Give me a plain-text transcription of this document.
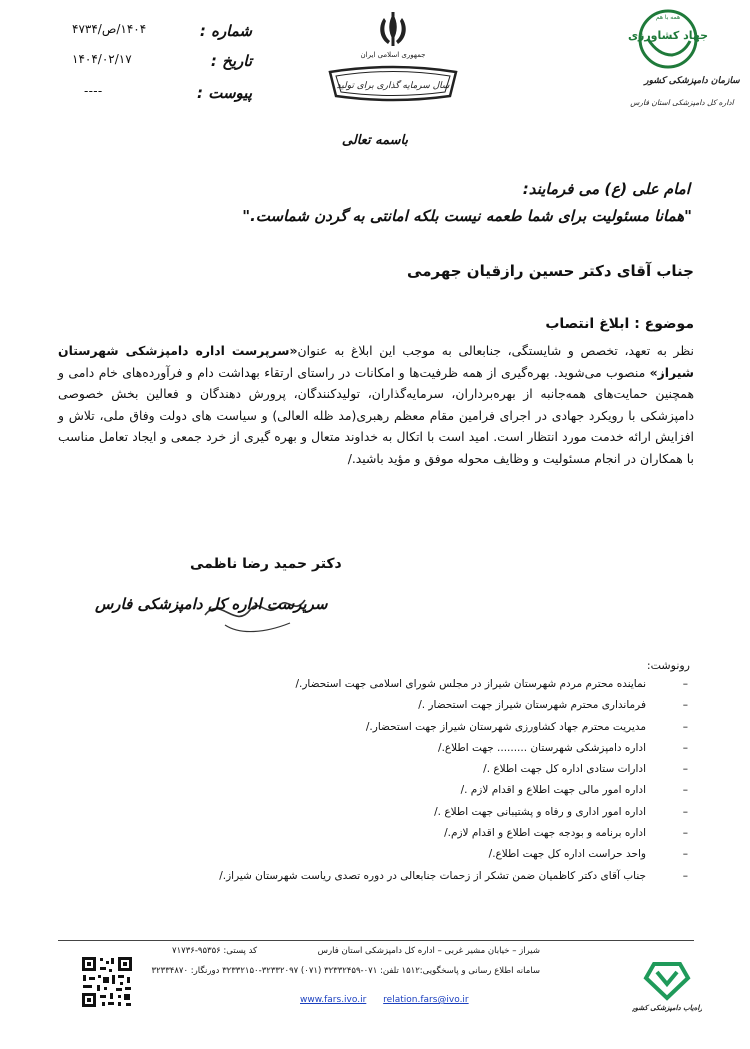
شماره :
۱۴۰۴/ص/۴۷۳۴
تاریخ :
۱۴۰۴/۰۲/۱۷
پیوست :
----
جمهوری اسلامی ایران
سال سرمایه گذاری برای تولید
همه با هم
جهاد کشاورزی
سازمان دامپزشکی کشور
اداره کل دامپزشکی استان فارس
باسمه تعالی
امام علی (ع) می فرمایند:
"همانا مسئولیت برای شما طعمه نیست بلکه امانتی به گردن شماست."
جناب آقای دکتر حسین رازقیان جهرمی
موضوع : ابلاغ انتصاب
نظر به تعهد، تخصص و شایستگی، جنابعالی به موجب این ابلاغ به عنوان«سرپرست اداره دامپزشکی شهرستان شیراز» منصوب می‌شوید. بهره‌گیری از همه ظرفیت‌ها و امکانات در راستای ارتقاء بهداشت دام و فرآورده‌های خام دامی و همچنین حمایت‌های همه‌جانبه از بهره‌برداران، سرمایه‌گذاران، تولیدکنندگان، پرورش دهندگان و فعالین بخش خصوصی دامپزشکی با رویکرد جهادی در اجرای فرامین مقام معظم رهبری(مد ظله العالی) و سیاست های دولت وفاق ملی، تلاش و افزایش ارائه خدمت مورد انتظار است. امید است با اتکال به خداوند متعال و بهره گیری از خرد جمعی و ایجاد تعامل مناسب با همکاران در انجام مسئولیت و وظایف محوله موفق و مؤید باشید./
دکتر حمید رضا ناظمی
سرپرست اداره کل دامپزشکی فارس
رونوشت:
–
نماینده محترم مردم شهرستان شیراز در مجلس شورای اسلامی جهت استحضار./
–
فرمانداری محترم شهرستان شیراز جهت استحضار ./
–
مدیریت محترم جهاد کشاورزی شهرستان شیراز جهت استحضار./
–
اداره دامپزشکی شهرستان ......... جهت اطلاع./
–
ادارات ستادی اداره کل جهت اطلاع ./
–
اداره امور مالی جهت اطلاع و اقدام لازم ./
–
اداره امور اداری و رفاه و پشتیبانی جهت اطلاع ./
–
اداره برنامه و بودجه جهت اطلاع و اقدام لازم./
–
واحد حراست اداره کل جهت اطلاع./
–
جناب آقای دکتر کاظمیان ضمن تشکر از زحمات جنابعالی در دوره تصدی ریاست شهرستان شیراز./
شیراز – خیابان مشیر غربی – اداره کل دامپزشکی استان فارس
کد پستی: ۹۵۳۵۶-۷۱۷۳۶
سامانه اطلاع رسانی و پاسخگویی:۱۵۱۲ تلفن: ۰۷۱-۳۲۳۳۲۴۵۹ (۰۷۱) ۳۲۳۳۲۰۹۷-۳۲۳۳۲۱۵۰ دورنگار: ۳۲۳۳۴۸۷۰
www.fars.ivo.ir relation.fars@ivo.ir
راه‌یاب دامپزشکی کشور
